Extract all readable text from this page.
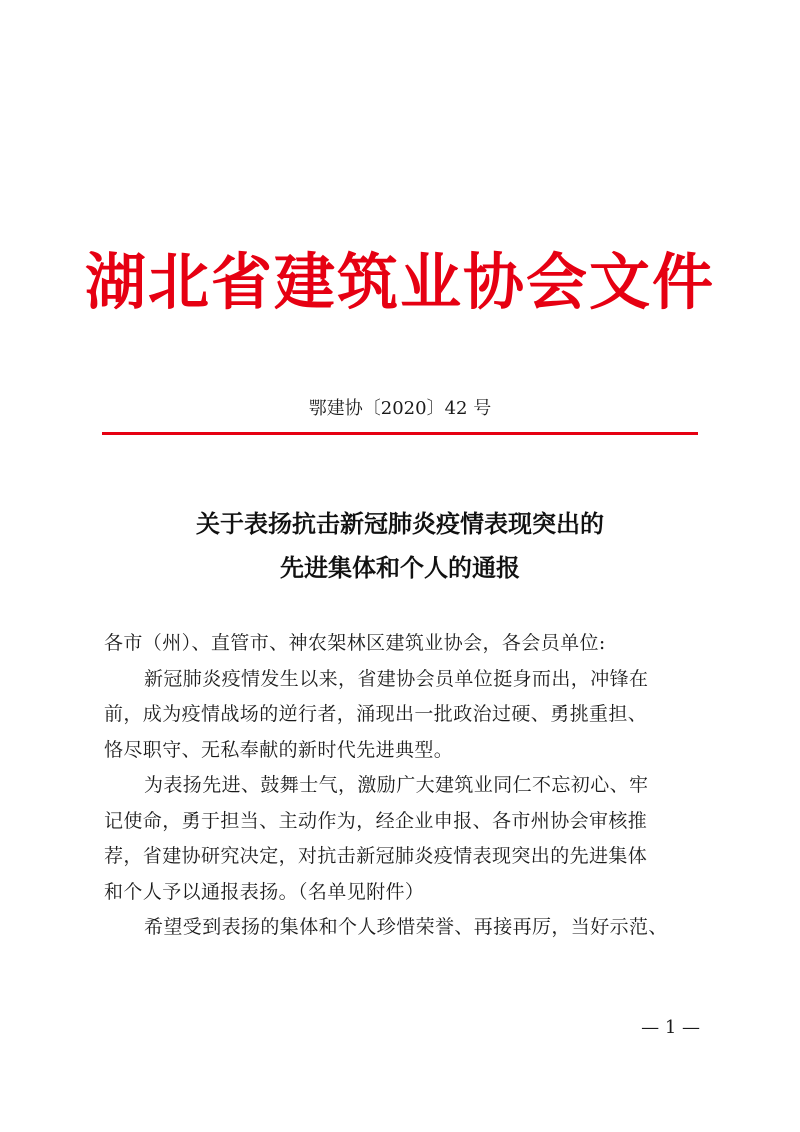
湖北省建筑业协会文件
鄂建协〔2020〕42 号
关于表扬抗击新冠肺炎疫情表现突出的
先进集体和个人的通报

各市（州）、直管市、神农架林区建筑业协会，各会员单位:

新冠肺炎疫情发生以来，省建协会员单位挺身而出，冲锋在

前，成为疫情战场的逆行者，涌现出一批政治过硬、勇挑重担、

恪尽职守、无私奉献的新时代先进典型。

为表扬先进、鼓舞士气，激励广大建筑业同仁不忘初心、牢

记使命，勇于担当、主动作为，经企业申报、各市州协会审核推

荐，省建协研究决定，对抗击新冠肺炎疫情表现突出的先进集体

和个人予以通报表扬。（名单见附件）

希望受到表扬的集体和个人珍惜荣誉、再接再厉，当好示范、

— 1 —
